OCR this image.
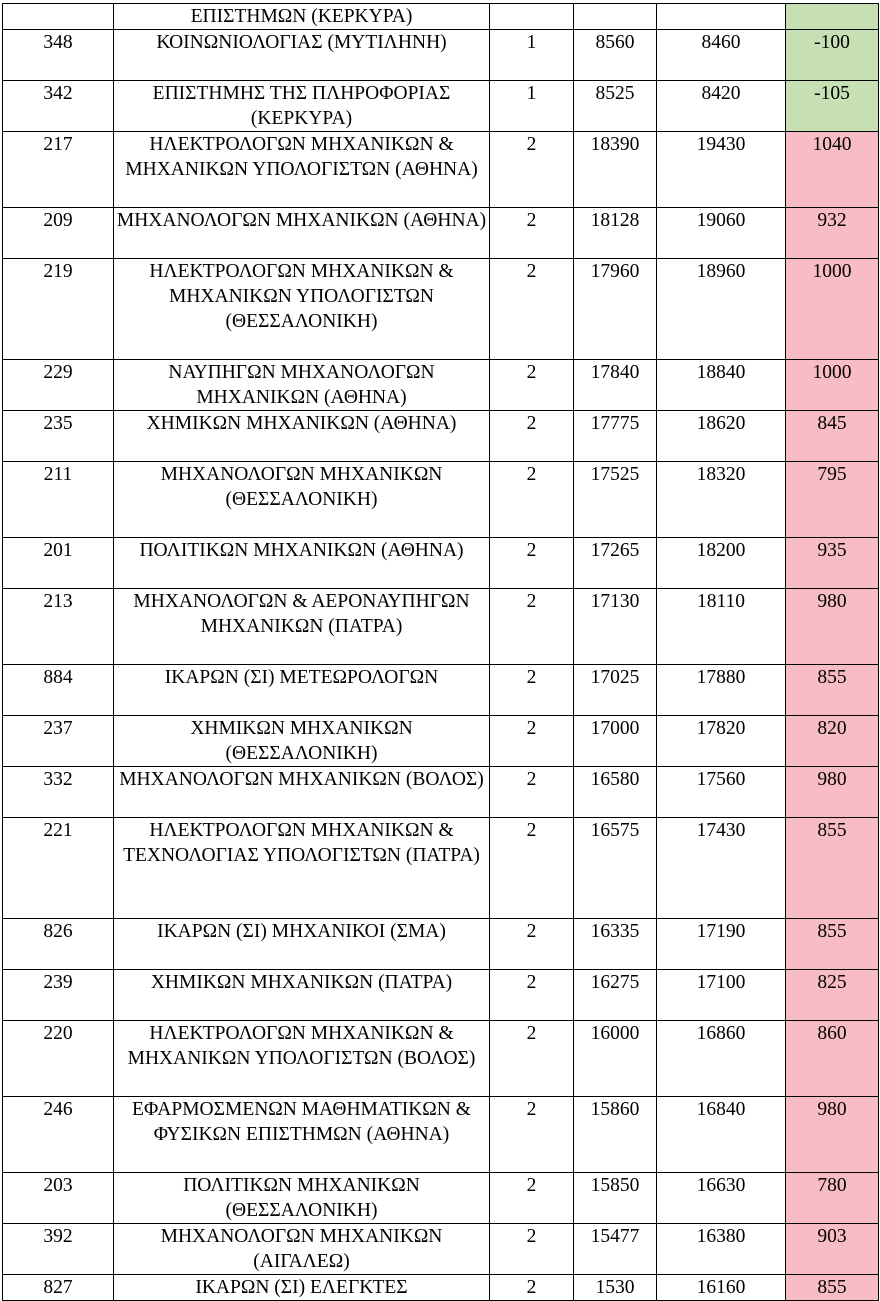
	ΕΠΙΣΤΗΜΩΝ (ΚΕΡΚΥΡΑ)				
348	ΚΟΙΝΩΝΙΟΛΟΓΙΑΣ (ΜΥΤΙΛΗΝΗ)	1	8560	8460	-100
342	ΕΠΙΣΤΗΜΗΣ ΤΗΣ ΠΛΗΡΟΦΟΡΙΑΣ (ΚΕΡΚΥΡΑ)	1	8525	8420	-105
217	ΗΛΕΚΤΡΟΛΟΓΩΝ ΜΗΧΑΝΙΚΩΝ & ΜΗΧΑΝΙΚΩΝ ΥΠΟΛΟΓΙΣΤΩΝ (ΑΘΗΝΑ)	2	18390	19430	1040
209	ΜΗΧΑΝΟΛΟΓΩΝ ΜΗΧΑΝΙΚΩΝ (ΑΘΗΝΑ)	2	18128	19060	932
219	ΗΛΕΚΤΡΟΛΟΓΩΝ ΜΗΧΑΝΙΚΩΝ & ΜΗΧΑΝΙΚΩΝ ΥΠΟΛΟΓΙΣΤΩΝ (ΘΕΣΣΑΛΟΝΙΚΗ)	2	17960	18960	1000
229	ΝΑΥΠΗΓΩΝ ΜΗΧΑΝΟΛΟΓΩΝ ΜΗΧΑΝΙΚΩΝ (ΑΘΗΝΑ)	2	17840	18840	1000
235	ΧΗΜΙΚΩΝ ΜΗΧΑΝΙΚΩΝ (ΑΘΗΝΑ)	2	17775	18620	845
211	ΜΗΧΑΝΟΛΟΓΩΝ ΜΗΧΑΝΙΚΩΝ (ΘΕΣΣΑΛΟΝΙΚΗ)	2	17525	18320	795
201	ΠΟΛΙΤΙΚΩΝ ΜΗΧΑΝΙΚΩΝ (ΑΘΗΝΑ)	2	17265	18200	935
213	ΜΗΧΑΝΟΛΟΓΩΝ & ΑΕΡΟΝΑΥΠΗΓΩΝ ΜΗΧΑΝΙΚΩΝ (ΠΑΤΡΑ)	2	17130	18110	980
884	ΙΚΑΡΩΝ (ΣΙ) ΜΕΤΕΩΡΟΛΟΓΩΝ	2	17025	17880	855
237	ΧΗΜΙΚΩΝ ΜΗΧΑΝΙΚΩΝ (ΘΕΣΣΑΛΟΝΙΚΗ)	2	17000	17820	820
332	ΜΗΧΑΝΟΛΟΓΩΝ ΜΗΧΑΝΙΚΩΝ (ΒΟΛΟΣ)	2	16580	17560	980
221	ΗΛΕΚΤΡΟΛΟΓΩΝ ΜΗΧΑΝΙΚΩΝ & ΤΕΧΝΟΛΟΓΙΑΣ ΥΠΟΛΟΓΙΣΤΩΝ (ΠΑΤΡΑ)	2	16575	17430	855
826	ΙΚΑΡΩΝ (ΣΙ) ΜΗΧΑΝΙΚΟΙ (ΣΜΑ)	2	16335	17190	855
239	ΧΗΜΙΚΩΝ ΜΗΧΑΝΙΚΩΝ (ΠΑΤΡΑ)	2	16275	17100	825
220	ΗΛΕΚΤΡΟΛΟΓΩΝ ΜΗΧΑΝΙΚΩΝ & ΜΗΧΑΝΙΚΩΝ ΥΠΟΛΟΓΙΣΤΩΝ (ΒΟΛΟΣ)	2	16000	16860	860
246	ΕΦΑΡΜΟΣΜΕΝΩΝ ΜΑΘΗΜΑΤΙΚΩΝ & ΦΥΣΙΚΩΝ ΕΠΙΣΤΗΜΩΝ (ΑΘΗΝΑ)	2	15860	16840	980
203	ΠΟΛΙΤΙΚΩΝ ΜΗΧΑΝΙΚΩΝ (ΘΕΣΣΑΛΟΝΙΚΗ)	2	15850	16630	780
392	ΜΗΧΑΝΟΛΟΓΩΝ ΜΗΧΑΝΙΚΩΝ (ΑΙΓΑΛΕΩ)	2	15477	16380	903
827	ΙΚΑΡΩΝ (ΣΙ) ΕΛΕΓΚΤΕΣ	2	1530	16160	855
